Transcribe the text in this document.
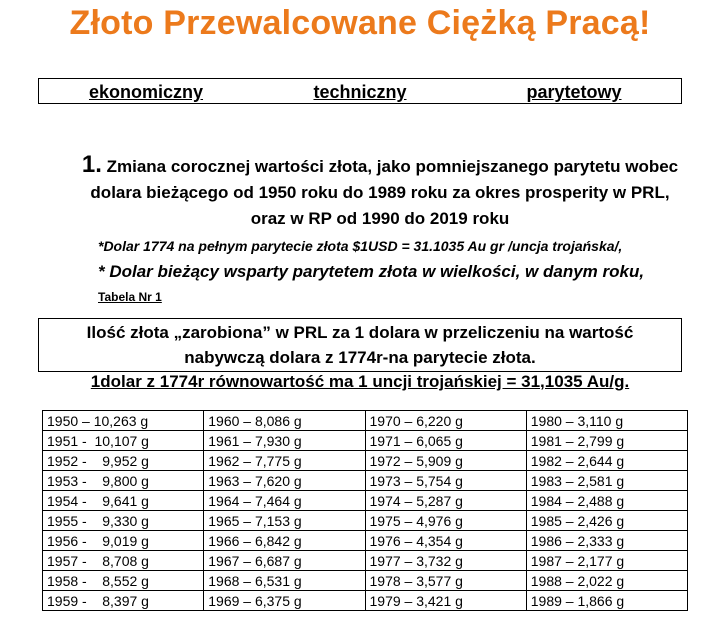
Złoto Przewalcowane Ciężką Pracą!
ekonomiczny	techniczny	parytetowy
1. Zmiana corocznej wartości złota, jako pomniejszanego parytetu wobec
dolara bieżącego od 1950 roku do 1989 roku za okres prosperity w PRL,
oraz w RP od 1990 do 2019 roku
*Dolar 1774 na pełnym parytecie złota $1USD = 31.1035 Au gr /uncja trojańska/,
* Dolar bieżący wsparty parytetem złota w wielkości, w danym roku,
Tabela Nr 1
Ilość złota „zarobiona” w PRL za 1 dolara w przeliczeniu na wartość
nabywczą dolara z 1774r-na parytecie złota.
1dolar z 1774r równowartość ma 1 uncji trojańskiej = 31,1035 Au/g.
1950 – 10,263 g	1960 – 8,086 g	1970 – 6,220 g	1980 – 3,110 g
1951 -  10,107 g	1961 – 7,930 g	1971 – 6,065 g	1981 – 2,799 g
1952 -    9,952 g	1962 – 7,775 g	1972 – 5,909 g	1982 – 2,644 g
1953 -    9,800 g	1963 – 7,620 g	1973 – 5,754 g	1983 – 2,581 g
1954 -    9,641 g	1964 – 7,464 g	1974 – 5,287 g	1984 – 2,488 g
1955 -    9,330 g	1965 – 7,153 g	1975 – 4,976 g	1985 – 2,426 g
1956 -    9,019 g	1966 – 6,842 g	1976 – 4,354 g	1986 – 2,333 g
1957 -    8,708 g	1967 – 6,687 g	1977 – 3,732 g	1987 – 2,177 g
1958 -    8,552 g	1968 – 6,531 g	1978 – 3,577 g	1988 – 2,022 g
1959 -    8,397 g	1969 – 6,375 g	1979 – 3,421 g	1989 – 1,866 g
